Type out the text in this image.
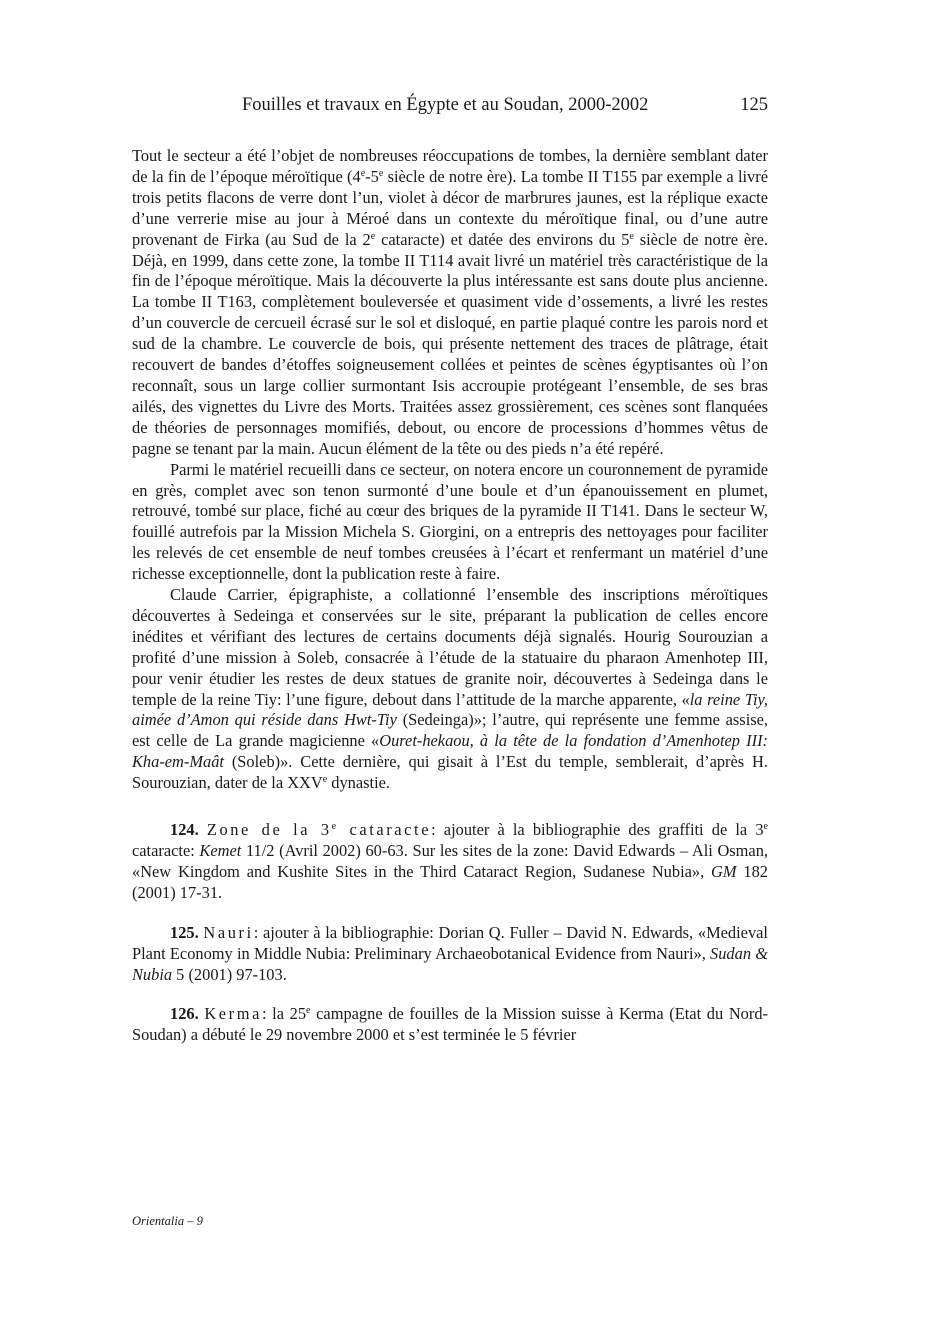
Fouilles et travaux en Égypte et au Soudan, 2000-2002	125

Tout le secteur a été l’objet de nombreuses réoccupations de tombes, la dernière semblant dater de la fin de l’époque méroïtique (4e-5e siècle de notre ère). La tombe II T155 par exemple a livré trois petits flacons de verre dont l’un, violet à décor de marbrures jaunes, est la réplique exacte d’une verrerie mise au jour à Méroé dans un contexte du méroïtique final, ou d’une autre provenant de Firka (au Sud de la 2e cataracte) et datée des environs du 5e siècle de notre ère. Déjà, en 1999, dans cette zone, la tombe II T114 avait livré un matériel très caractéristique de la fin de l’époque méroïtique. Mais la découverte la plus intéressante est sans doute plus ancienne. La tombe II T163, complètement bouleversée et quasiment vide d’ossements, a livré les restes d’un couvercle de cercueil écrasé sur le sol et disloqué, en partie plaqué contre les parois nord et sud de la chambre. Le couvercle de bois, qui présente nettement des traces de plâtrage, était recouvert de bandes d’étoffes soigneusement collées et peintes de scènes égyptisantes où l’on reconnaît, sous un large collier surmontant Isis accroupie protégeant l’ensemble, de ses bras ailés, des vignettes du Livre des Morts. Traitées assez grossièrement, ces scènes sont flanquées de théories de personnages momifiés, debout, ou encore de processions d’hommes vêtus de pagne se tenant par la main. Aucun élément de la tête ou des pieds n’a été repéré.

Parmi le matériel recueilli dans ce secteur, on notera encore un couronnement de pyramide en grès, complet avec son tenon surmonté d’une boule et d’un épanouissement en plumet, retrouvé, tombé sur place, fiché au cœur des briques de la pyramide II T141. Dans le secteur W, fouillé autrefois par la Mission Michela S. Giorgini, on a entrepris des nettoyages pour faciliter les relevés de cet ensemble de neuf tombes creusées à l’écart et renfermant un matériel d’une richesse exceptionnelle, dont la publication reste à faire.

Claude Carrier, épigraphiste, a collationné l’ensemble des inscriptions méroïtiques découvertes à Sedeinga et conservées sur le site, préparant la publication de celles encore inédites et vérifiant des lectures de certains documents déjà signalés. Hourig Sourouzian a profité d’une mission à Soleb, consacrée à l’étude de la statuaire du pharaon Amenhotep III, pour venir étudier les restes de deux statues de granite noir, découvertes à Sedeinga dans le temple de la reine Tiy: l’une figure, debout dans l’attitude de la marche apparente, «la reine Tiy, aimée d’Amon qui réside dans Hwt-Tiy (Sedeinga)»; l’autre, qui représente une femme assise, est celle de La grande magicienne «Ouret-hekaou, à la tête de la fondation d’Amenhotep III: Kha-em-Maât (Soleb)». Cette dernière, qui gisait à l’Est du temple, semblerait, d’après H. Sourouzian, dater de la XXVe dynastie.

124. Zone de la 3e cataracte: ajouter à la bibliographie des graffiti de la 3e cataracte: Kemet 11/2 (Avril 2002) 60-63. Sur les sites de la zone: David Edwards – Ali Osman, «New Kingdom and Kushite Sites in the Third Cataract Region, Sudanese Nubia», GM 182 (2001) 17-31.

125. Nauri: ajouter à la bibliographie: Dorian Q. Fuller – David N. Edwards, «Medieval Plant Economy in Middle Nubia: Preliminary Archaeobotanical Evidence from Nauri», Sudan & Nubia 5 (2001) 97-103.

126. Kerma: la 25e campagne de fouilles de la Mission suisse à Kerma (Etat du Nord-Soudan) a débuté le 29 novembre 2000 et s’est terminée le 5 février

Orientalia – 9
